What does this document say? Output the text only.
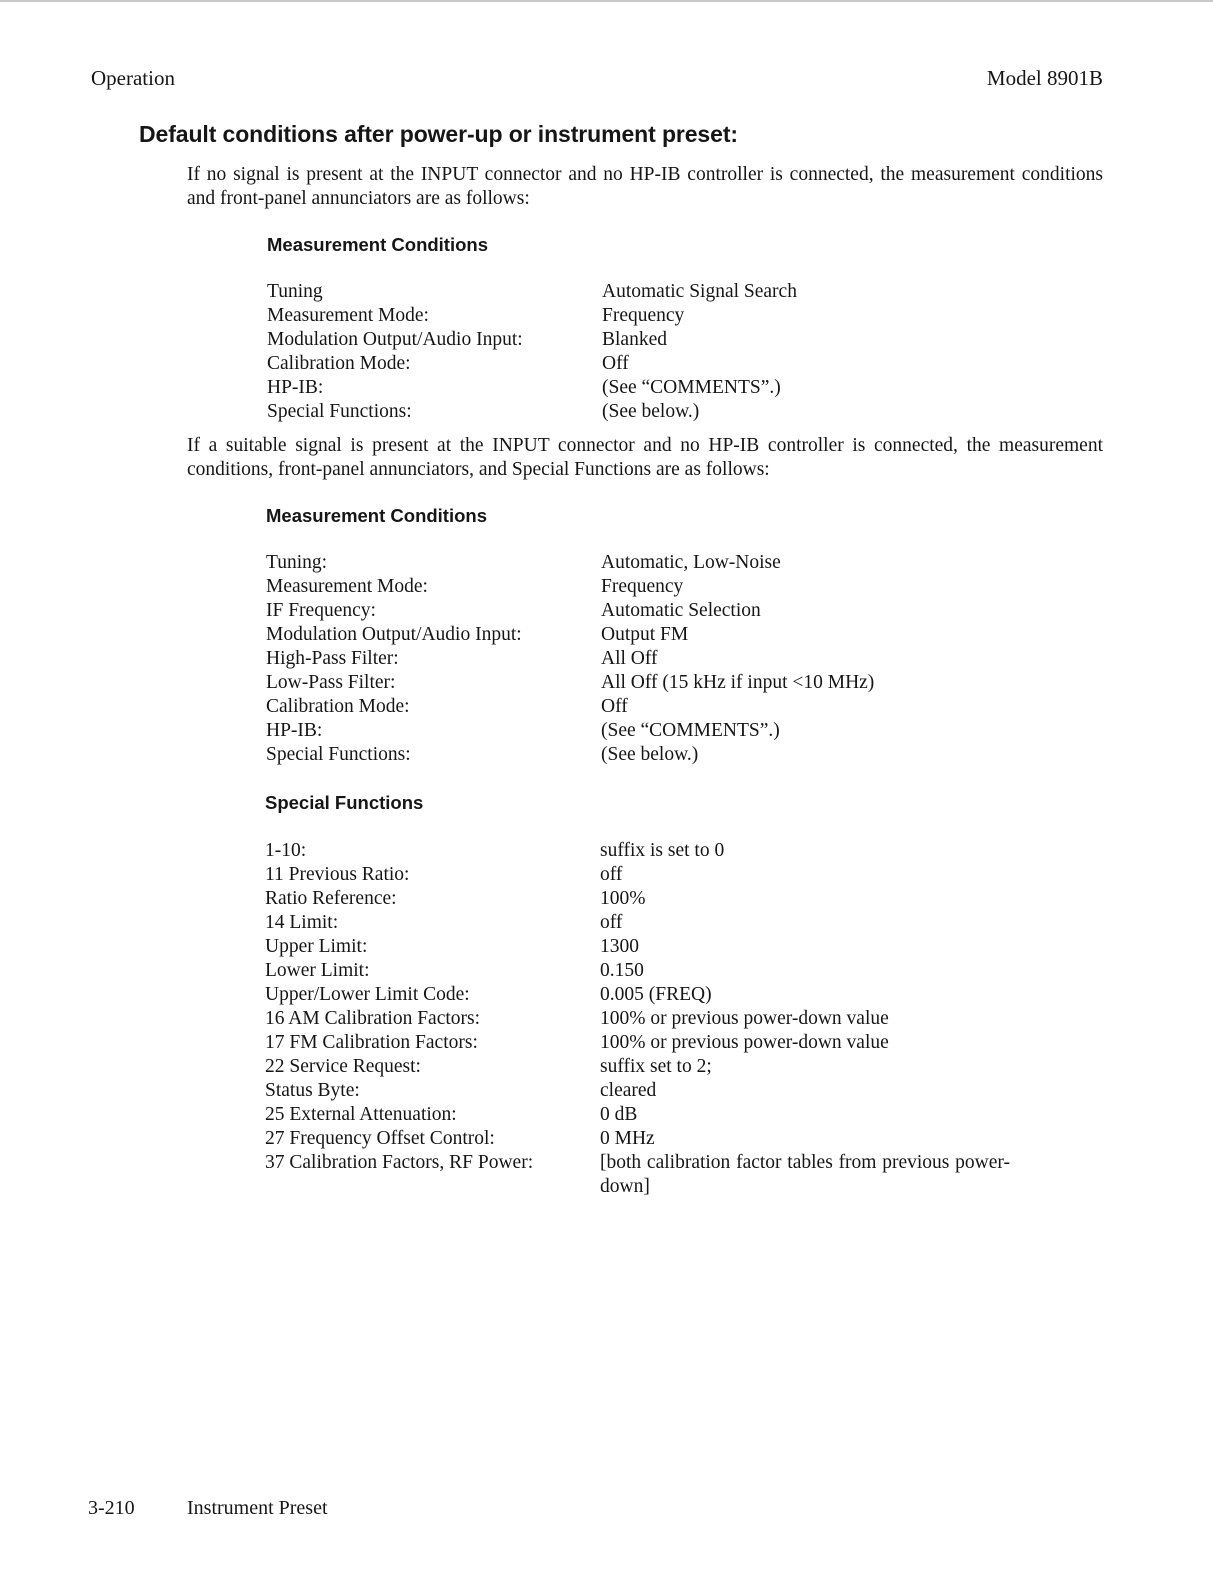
Operation	Model 8901B
Default conditions after power-up or instrument preset:
If no signal is present at the INPUT connector and no HP-IB controller is connected, the measurement conditions and front-panel annunciators are as follows:
Measurement Conditions
Tuning	Automatic Signal Search
Measurement Mode:	Frequency
Modulation Output/Audio Input:	Blanked
Calibration Mode:	Off
HP-IB:	(See “COMMENTS”.)
Special Functions:	(See below.)
If a suitable signal is present at the INPUT connector and no HP-IB controller is connected, the measurement conditions, front-panel annunciators, and Special Functions are as follows:
Measurement Conditions
Tuning:	Automatic, Low-Noise
Measurement Mode:	Frequency
IF Frequency:	Automatic Selection
Modulation Output/Audio Input:	Output FM
High-Pass Filter:	All Off
Low-Pass Filter:	All Off (15 kHz if input <10 MHz)
Calibration Mode:	Off
HP-IB:	(See “COMMENTS”.)
Special Functions:	(See below.)
Special Functions
1-10:	suffix is set to 0
11 Previous Ratio:	off
Ratio Reference:	100%
14 Limit:	off
Upper Limit:	1300
Lower Limit:	0.150
Upper/Lower Limit Code:	0.005 (FREQ)
16 AM Calibration Factors:	100% or previous power-down value
17 FM Calibration Factors:	100% or previous power-down value
22 Service Request:	suffix set to 2;
Status Byte:	cleared
25 External Attenuation:	0 dB
27 Frequency Offset Control:	0 MHz
37 Calibration Factors, RF Power:	[both calibration factor tables from previous power-down]
3-210	Instrument Preset
